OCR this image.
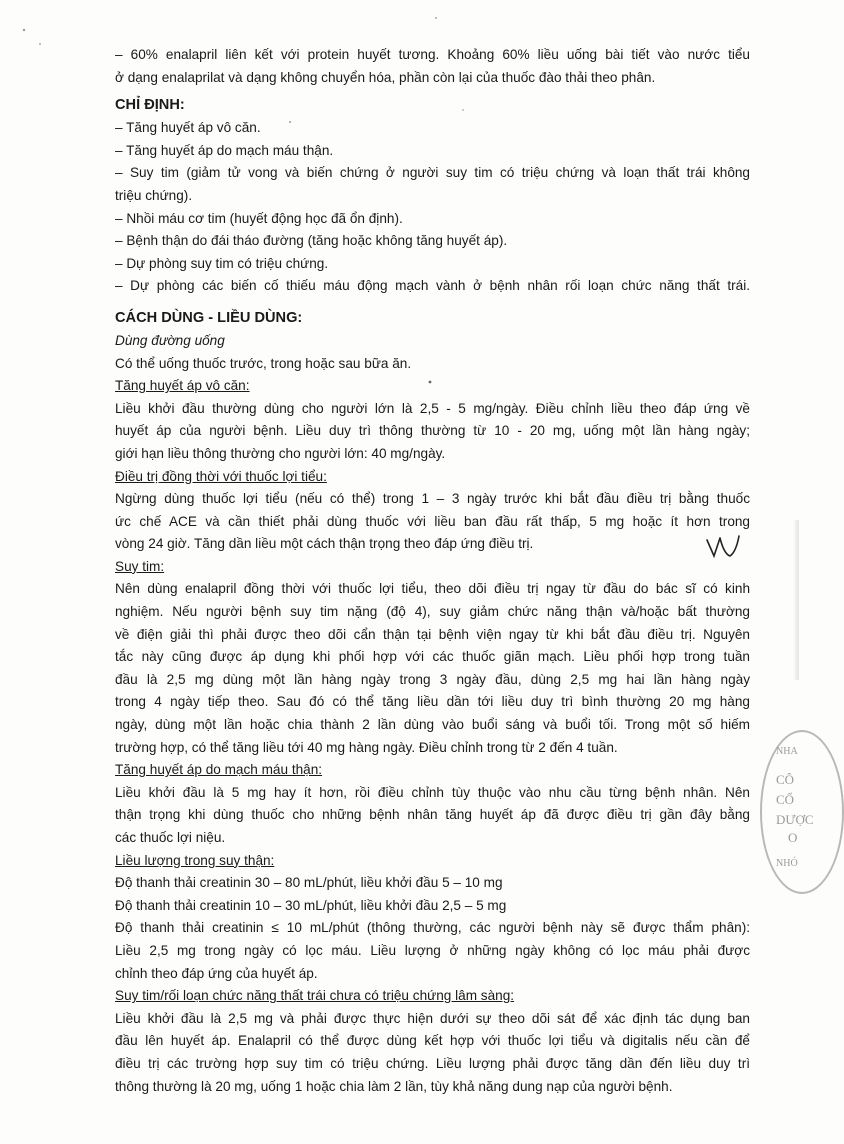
– 60% enalapril liên kết với protein huyết tương. Khoảng 60% liều uống bài tiết vào nước tiểu
ở dạng enalaprilat và dạng không chuyển hóa, phần còn lại của thuốc đào thải theo phân.
CHỈ ĐỊNH:
– Tăng huyết áp vô căn.
– Tăng huyết áp do mạch máu thận.
– Suy tim (giảm tử vong và biến chứng ở người suy tim có triệu chứng và loạn thất trái không
triệu chứng).
– Nhồi máu cơ tim (huyết động học đã ổn định).
– Bệnh thận do đái tháo đường (tăng hoặc không tăng huyết áp).
– Dự phòng suy tim có triệu chứng.
– Dự phòng các biến cố thiếu máu động mạch vành ở bệnh nhân rối loạn chức năng thất trái.
CÁCH DÙNG - LIỀU DÙNG:
Dùng đường uống
Có thể uống thuốc trước, trong hoặc sau bữa ăn.
Tăng huyết áp vô căn:
Liều khởi đầu thường dùng cho người lớn là 2,5 - 5 mg/ngày. Điều chỉnh liều theo đáp ứng về
huyết áp của người bệnh. Liều duy trì thông thường từ 10 - 20 mg, uống một lần hàng ngày;
giới hạn liều thông thường cho người lớn: 40 mg/ngày.
Điều trị đồng thời với thuốc lợi tiểu:
Ngừng dùng thuốc lợi tiểu (nếu có thể) trong 1 – 3 ngày trước khi bắt đầu điều trị bằng thuốc
ức chế ACE và cần thiết phải dùng thuốc với liều ban đầu rất thấp, 5 mg hoặc ít hơn trong
vòng 24 giờ. Tăng dần liều một cách thận trọng theo đáp ứng điều trị.
Suy tim:
Nên dùng enalapril đồng thời với thuốc lợi tiểu, theo dõi điều trị ngay từ đầu do bác sĩ có kinh
nghiệm. Nếu người bệnh suy tim nặng (độ 4), suy giảm chức năng thận và/hoặc bất thường
về điện giải thì phải được theo dõi cẩn thận tại bệnh viện ngay từ khi bắt đầu điều trị. Nguyên
tắc này cũng được áp dụng khi phối hợp với các thuốc giãn mạch. Liều phối hợp trong tuần
đầu là 2,5 mg dùng một lần hàng ngày trong 3 ngày đầu, dùng 2,5 mg hai lần hàng ngày
trong 4 ngày tiếp theo. Sau đó có thể tăng liều dần tới liều duy trì bình thường 20 mg hàng
ngày, dùng một lần hoặc chia thành 2 lần dùng vào buổi sáng và buổi tối. Trong một số hiếm
trường hợp, có thể tăng liều tới 40 mg hàng ngày. Điều chỉnh trong từ 2 đến 4 tuần.
Tăng huyết áp do mạch máu thận:
Liều khởi đầu là 5 mg hay ít hơn, rồi điều chỉnh tùy thuộc vào nhu cầu từng bệnh nhân. Nên
thận trọng khi dùng thuốc cho những bệnh nhân tăng huyết áp đã được điều trị gần đây bằng
các thuốc lợi niệu.
Liều lượng trong suy thận:
Độ thanh thải creatinin 30 – 80 mL/phút, liều khởi đầu 5 – 10 mg
Độ thanh thải creatinin 10 – 30 mL/phút, liều khởi đầu 2,5 – 5 mg
Độ thanh thải creatinin ≤ 10 mL/phút (thông thường, các người bệnh này sẽ được thẩm phân):
Liều 2,5 mg trong ngày có lọc máu. Liều lượng ở những ngày không có lọc máu phải được
chỉnh theo đáp ứng của huyết áp.
Suy tim/rối loạn chức năng thất trái chưa có triệu chứng lâm sàng:
Liều khởi đầu là 2,5 mg và phải được thực hiện dưới sự theo dõi sát để xác định tác dụng ban
đầu lên huyết áp. Enalapril có thể được dùng kết hợp với thuốc lợi tiểu và digitalis nếu cần để
điều trị các trường hợp suy tim có triệu chứng. Liều lượng phải được tăng dần đến liều duy trì
thông thường là 20 mg, uống 1 hoặc chia làm 2 lần, tùy khả năng dung nạp của người bệnh.
NHA
CÔ
CỔ
DƯỢC
O
NHÓ
